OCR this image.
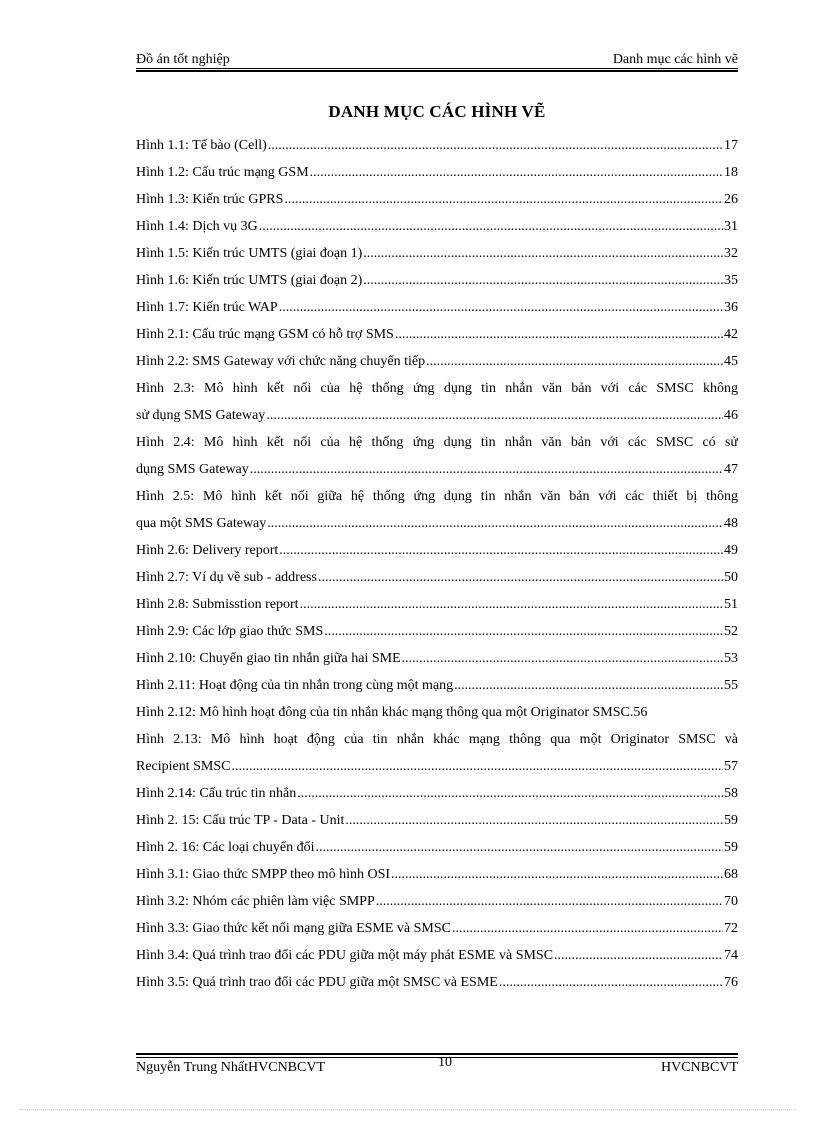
Đồ án tốt nghiệp	Danh mục các hình vẽ
DANH MỤC CÁC HÌNH VẼ
Hình 1.1: Tế bào (Cell) .....	17
Hình 1.2: Cấu trúc mạng GSM .....	18
Hình 1.3: Kiến trúc GPRS .....	26
Hình 1.4: Dịch vụ 3G .....	31
Hình 1.5: Kiến trúc UMTS (giai đoạn 1) .....	32
Hình 1.6: Kiến trúc UMTS (giai đoạn 2) .....	35
Hình 1.7: Kiến trúc WAP .....	36
Hình 2.1: Cấu trúc mạng GSM có hỗ trợ SMS .....	42
Hình 2.2: SMS Gateway với chức năng chuyển tiếp .....	45
Hình 2.3: Mô hình kết nối của hệ thống ứng dụng tin nhắn văn bản với các SMSC không
sử dụng SMS Gateway .....	46
Hình 2.4: Mô hình kết nối của hệ thống ứng dụng tin nhắn văn bản với các SMSC có sử
dụng SMS Gateway .....	47
Hình 2.5: Mô hình kết nối giữa hệ thống ứng dụng tin nhắn văn bản với các thiết bị thông
qua một SMS Gateway .....	48
Hình 2.6: Delivery report .....	49
Hình 2.7: Ví dụ về sub - address .....	50
Hình 2.8: Submisstion report .....	51
Hình 2.9: Các lớp giao thức SMS .....	52
Hình 2.10: Chuyển giao tin nhắn giữa hai SME .....	53
Hình 2.11: Hoạt động của tin nhắn trong cùng một mạng .....	55
Hình 2.12: Mô hình hoạt đông của tin nhắn khác mạng thông qua một Originator SMSC. 56
Hình 2.13: Mô hình hoạt động của tin nhắn khác mạng thông qua một Originator SMSC và
Recipient SMSC .....	57
Hình 2.14: Cấu trúc tin nhắn .....	58
Hình 2. 15: Cấu trúc TP - Data - Unit .....	59
Hình 2. 16: Các loại chuyển đổi .....	59
Hình 3.1: Giao thức SMPP theo mô hình OSI .....	68
Hình 3.2: Nhóm các phiên làm việc SMPP .....	70
Hình 3.3: Giao thức kết nối mạng giữa ESME và SMSC .....	72
Hình 3.4: Quá trình trao đổi các PDU giữa một máy phát ESME và SMSC .....	74
Hình 3.5: Quá trình trao đổi các PDU giữa một SMSC và ESME .....	76
Nguyễn Trung NhấtHVCNBCVT	10	HVCNBCVT
